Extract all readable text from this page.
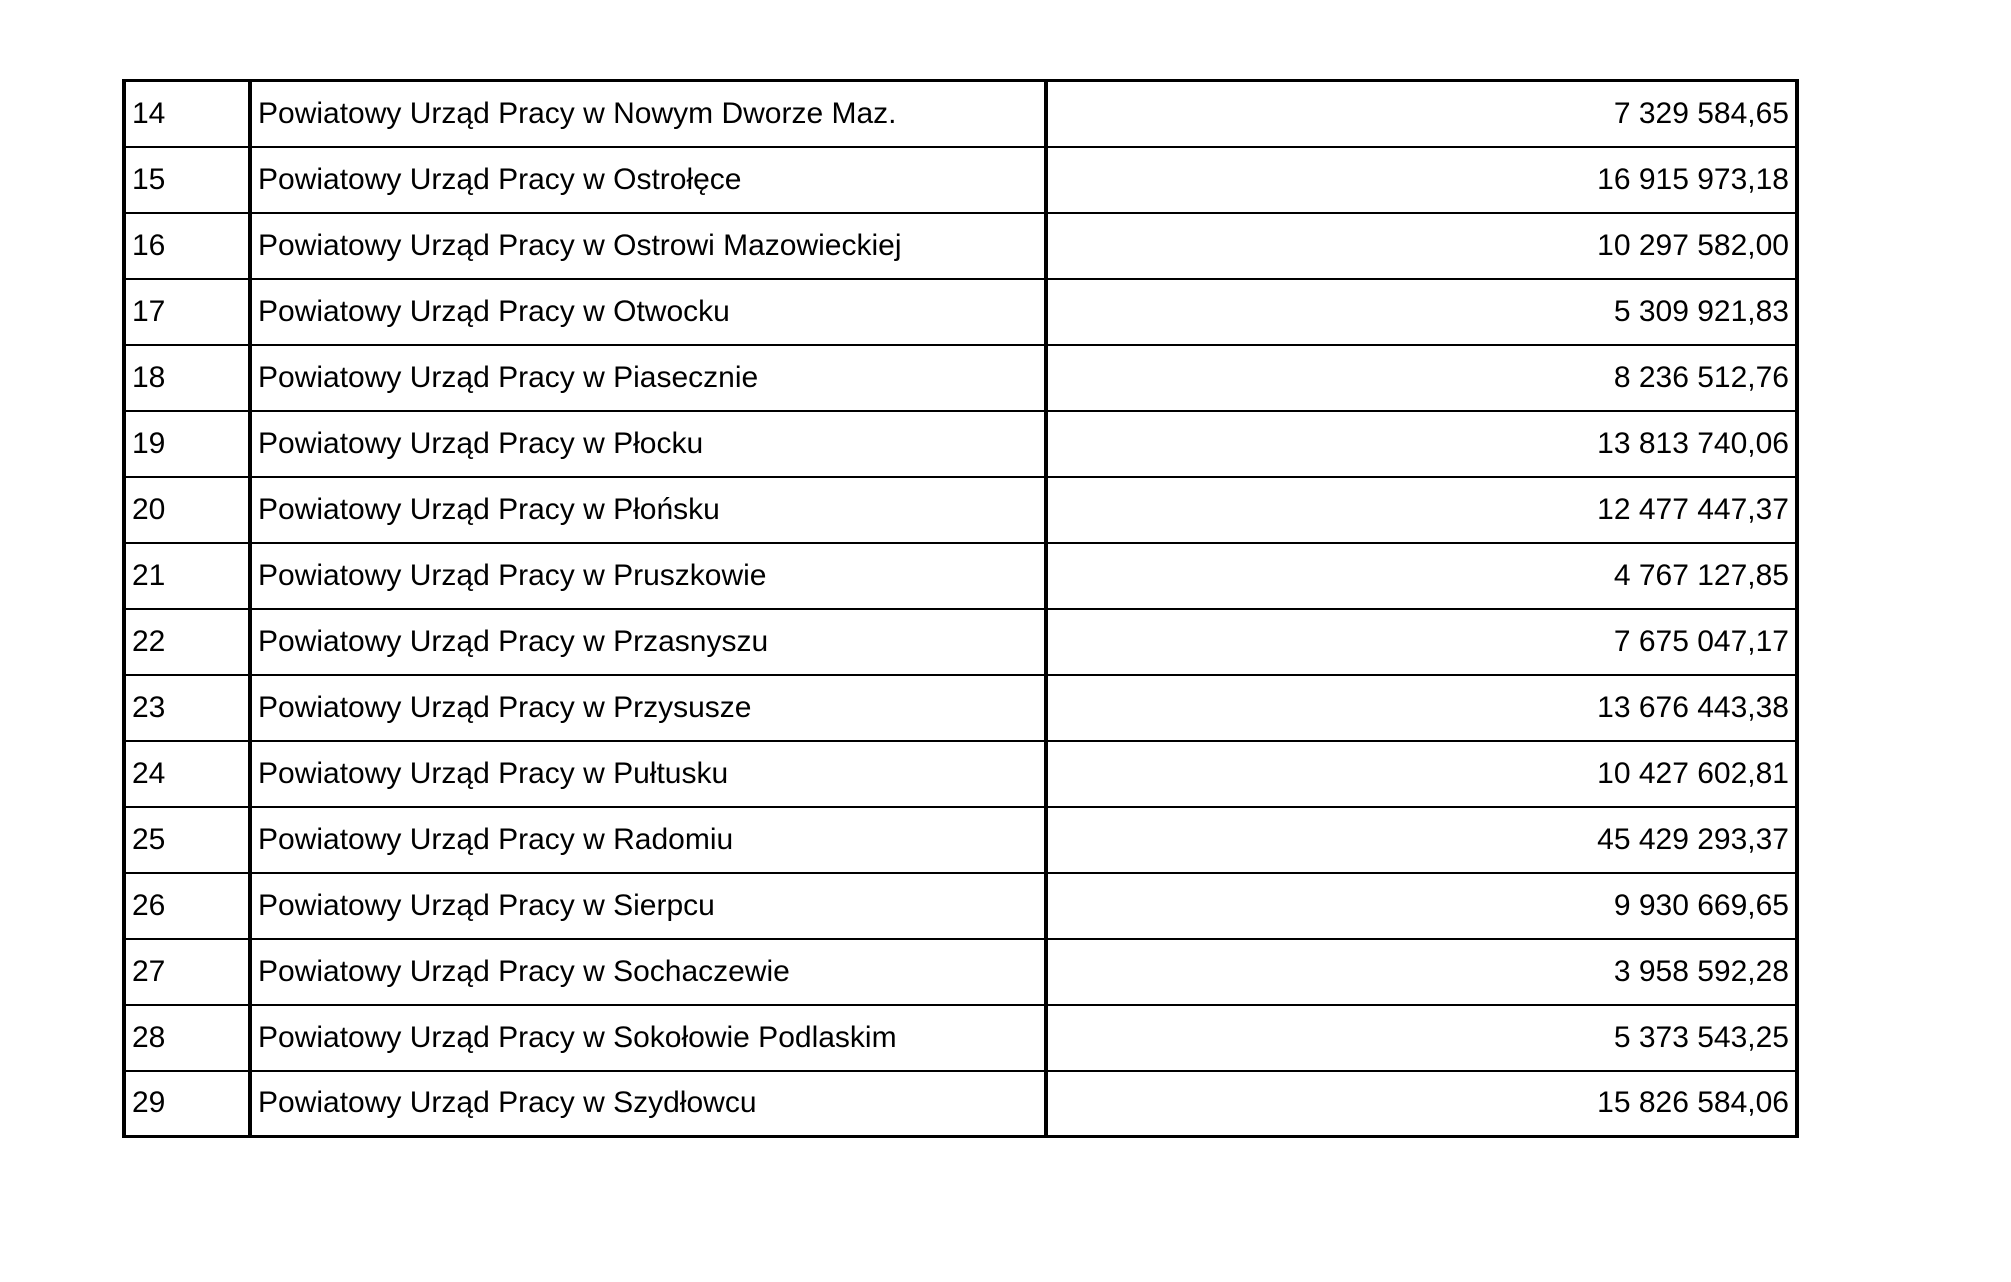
14	Powiatowy Urząd Pracy w Nowym Dworze Maz.	7 329 584,65
15	Powiatowy Urząd Pracy w Ostrołęce	16 915 973,18
16	Powiatowy Urząd Pracy w Ostrowi Mazowieckiej	10 297 582,00
17	Powiatowy Urząd Pracy w Otwocku	5 309 921,83
18	Powiatowy Urząd Pracy w Piasecznie	8 236 512,76
19	Powiatowy Urząd Pracy w Płocku	13 813 740,06
20	Powiatowy Urząd Pracy w Płońsku	12 477 447,37
21	Powiatowy Urząd Pracy w Pruszkowie	4 767 127,85
22	Powiatowy Urząd Pracy w Przasnyszu	7 675 047,17
23	Powiatowy Urząd Pracy w Przysusze	13 676 443,38
24	Powiatowy Urząd Pracy w Pułtusku	10 427 602,81
25	Powiatowy Urząd Pracy w Radomiu	45 429 293,37
26	Powiatowy Urząd Pracy w Sierpcu	9 930 669,65
27	Powiatowy Urząd Pracy w Sochaczewie	3 958 592,28
28	Powiatowy Urząd Pracy w Sokołowie Podlaskim	5 373 543,25
29	Powiatowy Urząd Pracy w Szydłowcu	15 826 584,06
